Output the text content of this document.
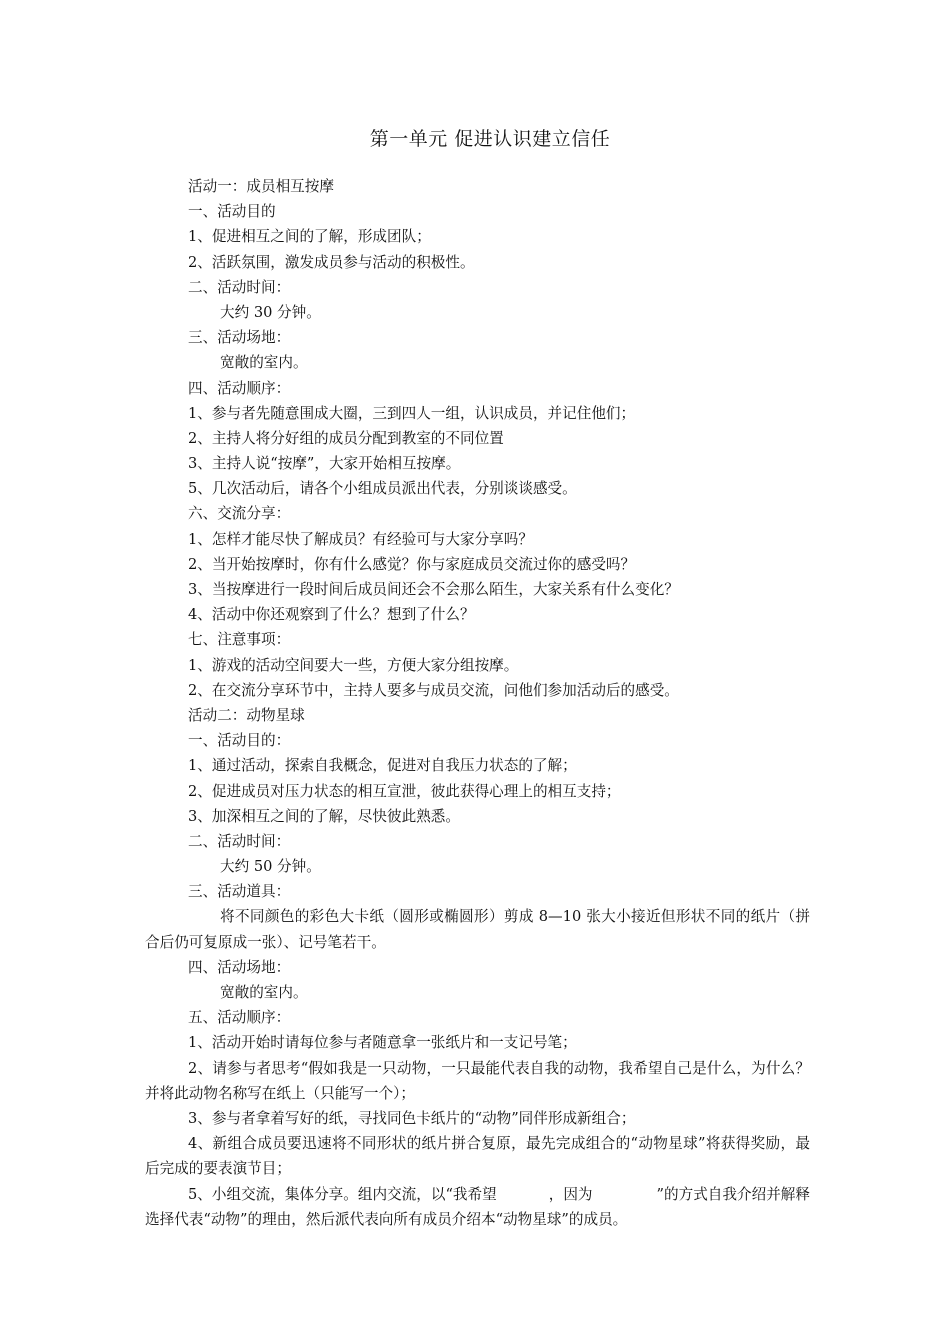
第一单元 促进认识建立信任
活动一：成员相互按摩
一、活动目的
1、促进相互之间的了解，形成团队；
2、活跃氛围，激发成员参与活动的积极性。
二、活动时间：
大约 30 分钟。
三、活动场地：
宽敞的室内。
四、活动顺序：
1、参与者先随意围成大圈，三到四人一组，认识成员，并记住他们；
2、主持人将分好组的成员分配到教室的不同位置
3、主持人说“按摩”，大家开始相互按摩。
5、几次活动后，请各个小组成员派出代表，分别谈谈感受。
六、交流分享：
1、怎样才能尽快了解成员？有经验可与大家分享吗？
2、当开始按摩时，你有什么感觉？你与家庭成员交流过你的感受吗？
3、当按摩进行一段时间后成员间还会不会那么陌生，大家关系有什么变化？
4、活动中你还观察到了什么？想到了什么？
七、注意事项：
1、游戏的活动空间要大一些，方便大家分组按摩。
2、在交流分享环节中，主持人要多与成员交流，问他们参加活动后的感受。
活动二：动物星球
一、活动目的：
1、通过活动，探索自我概念，促进对自我压力状态的了解；
2、促进成员对压力状态的相互宣泄，彼此获得心理上的相互支持；
3、加深相互之间的了解，尽快彼此熟悉。
二、活动时间：
大约 50 分钟。
三、活动道具：
将不同颜色的彩色大卡纸（圆形或椭圆形）剪成 8—10 张大小接近但形状不同的纸片（拼合后仍可复原成一张）、记号笔若干。
四、活动场地：
宽敞的室内。
五、活动顺序：
1、活动开始时请每位参与者随意拿一张纸片和一支记号笔；
2、请参与者思考“假如我是一只动物，一只最能代表自我的动物，我希望自己是什么，为什么？并将此动物名称写在纸上（只能写一个）；
3、参与者拿着写好的纸，寻找同色卡纸片的“动物”同伴形成新组合；
4、新组合成员要迅速将不同形状的纸片拼合复原，最先完成组合的“动物星球”将获得奖励，最后完成的要表演节目；
5、小组交流，集体分享。组内交流，以“我希望	，因为	”的方式自我介绍并解释选择代表“动物”的理由，然后派代表向所有成员介绍本“动物星球”的成员。
